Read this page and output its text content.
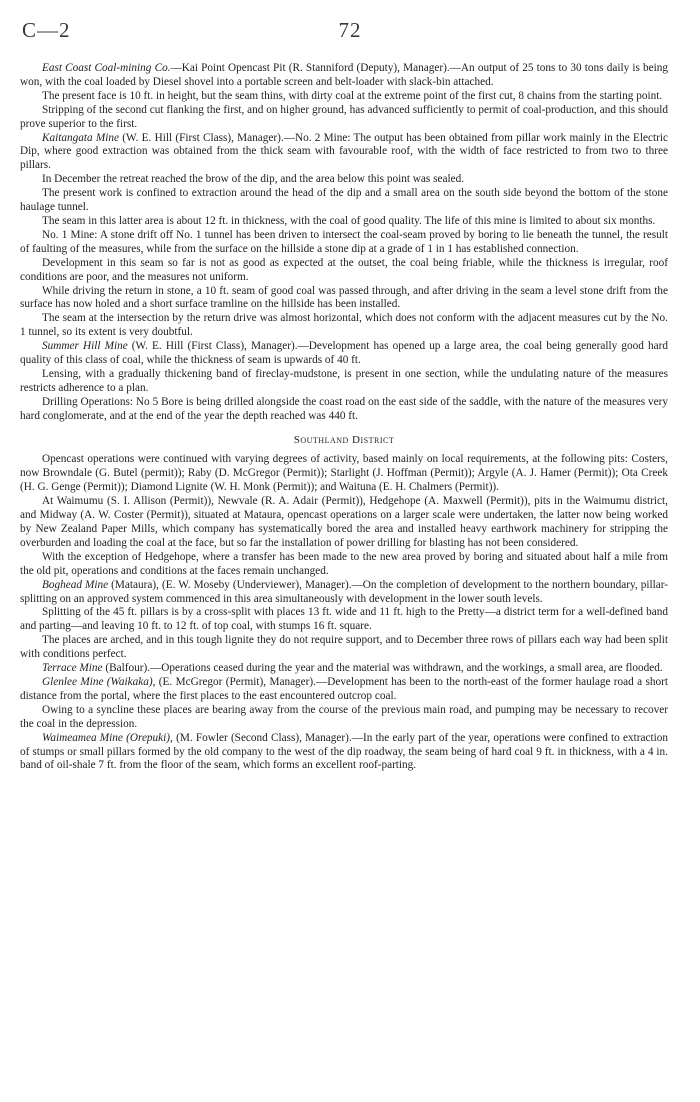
C—2	72

East Coast Coal-mining Co.—Kai Point Opencast Pit (R. Stanniford (Deputy), Manager).—An output of 25 tons to 30 tons daily is being won, with the coal loaded by Diesel shovel into a portable screen and belt-loader with slack-bin attached.

The present face is 10 ft. in height, but the seam thins, with dirty coal at the extreme point of the first cut, 8 chains from the starting point.

Stripping of the second cut flanking the first, and on higher ground, has advanced sufficiently to permit of coal-production, and this should prove superior to the first.

Kaitangata Mine (W. E. Hill (First Class), Manager).—No. 2 Mine: The output has been obtained from pillar work mainly in the Electric Dip, where good extraction was obtained from the thick seam with favourable roof, with the width of face restricted to from two to three pillars.

In December the retreat reached the brow of the dip, and the area below this point was sealed.

The present work is confined to extraction around the head of the dip and a small area on the south side beyond the bottom of the stone haulage tunnel.

The seam in this latter area is about 12 ft. in thickness, with the coal of good quality. The life of this mine is limited to about six months.

No. 1 Mine: A stone drift off No. 1 tunnel has been driven to intersect the coal-seam proved by boring to lie beneath the tunnel, the result of faulting of the measures, while from the surface on the hillside a stone dip at a grade of 1 in 1 has established connection.

Development in this seam so far is not as good as expected at the outset, the coal being friable, while the thickness is irregular, roof conditions are poor, and the measures not uniform.

While driving the return in stone, a 10 ft. seam of good coal was passed through, and after driving in the seam a level stone drift from the surface has now holed and a short surface tramline on the hillside has been installed.

The seam at the intersection by the return drive was almost horizontal, which does not conform with the adjacent measures cut by the No. 1 tunnel, so its extent is very doubtful.

Summer Hill Mine (W. E. Hill (First Class), Manager).—Development has opened up a large area, the coal being generally good hard quality of this class of coal, while the thickness of seam is upwards of 40 ft.

Lensing, with a gradually thickening band of fireclay-mudstone, is present in one section, while the undulating nature of the measures restricts adherence to a plan.

Drilling Operations: No 5 Bore is being drilled alongside the coast road on the east side of the saddle, with the nature of the measures very hard conglomerate, and at the end of the year the depth reached was 440 ft.

Southland District

Opencast operations were continued with varying degrees of activity, based mainly on local requirements, at the following pits: Costers, now Browndale (G. Butel (permit)); Raby (D. McGregor (Permit)); Starlight (J. Hoffman (Permit)); Argyle (A. J. Hamer (Permit)); Ota Creek (H. G. Genge (Permit)); Diamond Lignite (W. H. Monk (Permit)); and Waituna (E. H. Chalmers (Permit)).

At Waimumu (S. I. Allison (Permit)), Newvale (R. A. Adair (Permit)), Hedgehope (A. Maxwell (Permit)), pits in the Waimumu district, and Midway (A. W. Coster (Permit)), situated at Mataura, opencast operations on a larger scale were undertaken, the latter now being worked by New Zealand Paper Mills, which company has systematically bored the area and installed heavy earthwork machinery for stripping the overburden and loading the coal at the face, but so far the installation of power drilling for blasting has not been considered.

With the exception of Hedgehope, where a transfer has been made to the new area proved by boring and situated about half a mile from the old pit, operations and conditions at the faces remain unchanged.

Boghead Mine (Mataura), (E. W. Moseby (Underviewer), Manager).—On the completion of development to the northern boundary, pillar-splitting on an approved system commenced in this area simultaneously with development in the lower south levels.

Splitting of the 45 ft. pillars is by a cross-split with places 13 ft. wide and 11 ft. high to the Pretty—a district term for a well-defined band and parting—and leaving 10 ft. to 12 ft. of top coal, with stumps 16 ft. square.

The places are arched, and in this tough lignite they do not require support, and to December three rows of pillars each way had been split with conditions perfect.

Terrace Mine (Balfour).—Operations ceased during the year and the material was withdrawn, and the workings, a small area, are flooded.

Glenlee Mine (Waikaka), (E. McGregor (Permit), Manager).—Development has been to the north-east of the former haulage road a short distance from the portal, where the first places to the east encountered outcrop coal.

Owing to a syncline these places are bearing away from the course of the previous main road, and pumping may be necessary to recover the coal in the depression.

Waimeamea Mine (Orepuki), (M. Fowler (Second Class), Manager).—In the early part of the year, operations were confined to extraction of stumps or small pillars formed by the old company to the west of the dip roadway, the seam being of hard coal 9 ft. in thickness, with a 4 in. band of oil-shale 7 ft. from the floor of the seam, which forms an excellent roof-parting.
